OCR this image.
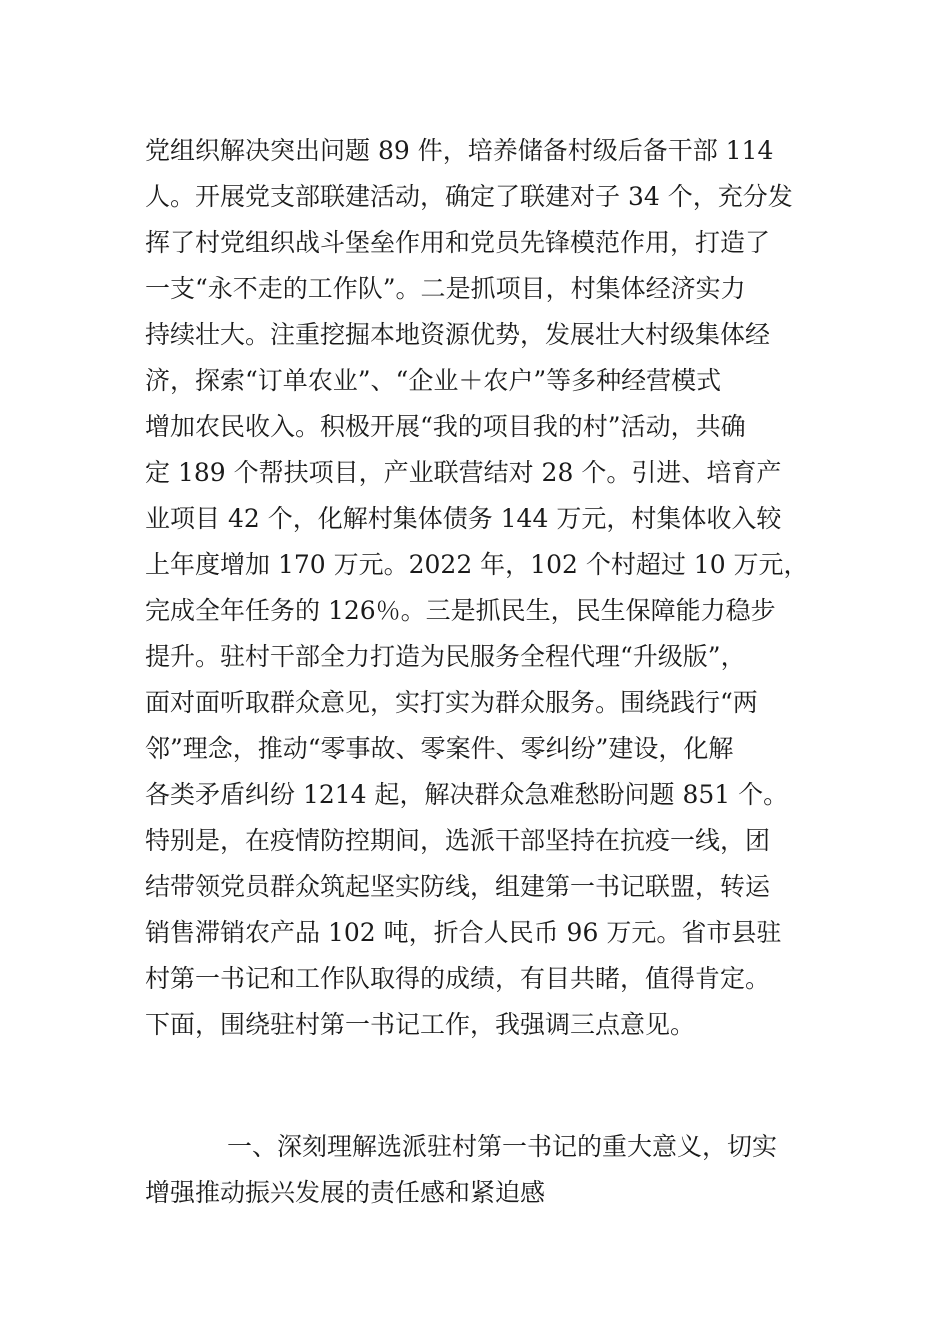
党组织解决突出问题 89 件，培养储备村级后备干部 114
人。开展党支部联建活动，确定了联建对子 34 个，充分发
挥了村党组织战斗堡垒作用和党员先锋模范作用，打造了
一支“永不走的工作队”。二是抓项目，村集体经济实力
持续壮大。注重挖掘本地资源优势，发展壮大村级集体经
济，探索“订单农业”、“企业＋农户”等多种经营模式
增加农民收入。积极开展“我的项目我的村”活动，共确
定 189 个帮扶项目，产业联营结对 28 个。引进、培育产
业项目 42 个，化解村集体债务 144 万元，村集体收入较
上年度增加 170 万元。2022 年，102 个村超过 10 万元，
完成全年任务的 126％。三是抓民生，民生保障能力稳步
提升。驻村干部全力打造为民服务全程代理“升级版”，
面对面听取群众意见，实打实为群众服务。围绕践行“两
邻”理念，推动“零事故、零案件、零纠纷”建设，化解
各类矛盾纠纷 1214 起，解决群众急难愁盼问题 851 个。
特别是，在疫情防控期间，选派干部坚持在抗疫一线，团
结带领党员群众筑起坚实防线，组建第一书记联盟，转运
销售滞销农产品 102 吨，折合人民币 96 万元。省市县驻
村第一书记和工作队取得的成绩，有目共睹，值得肯定。
下面，围绕驻村第一书记工作，我强调三点意见。
一、深刻理解选派驻村第一书记的重大意义，切实
增强推动振兴发展的责任感和紧迫感
